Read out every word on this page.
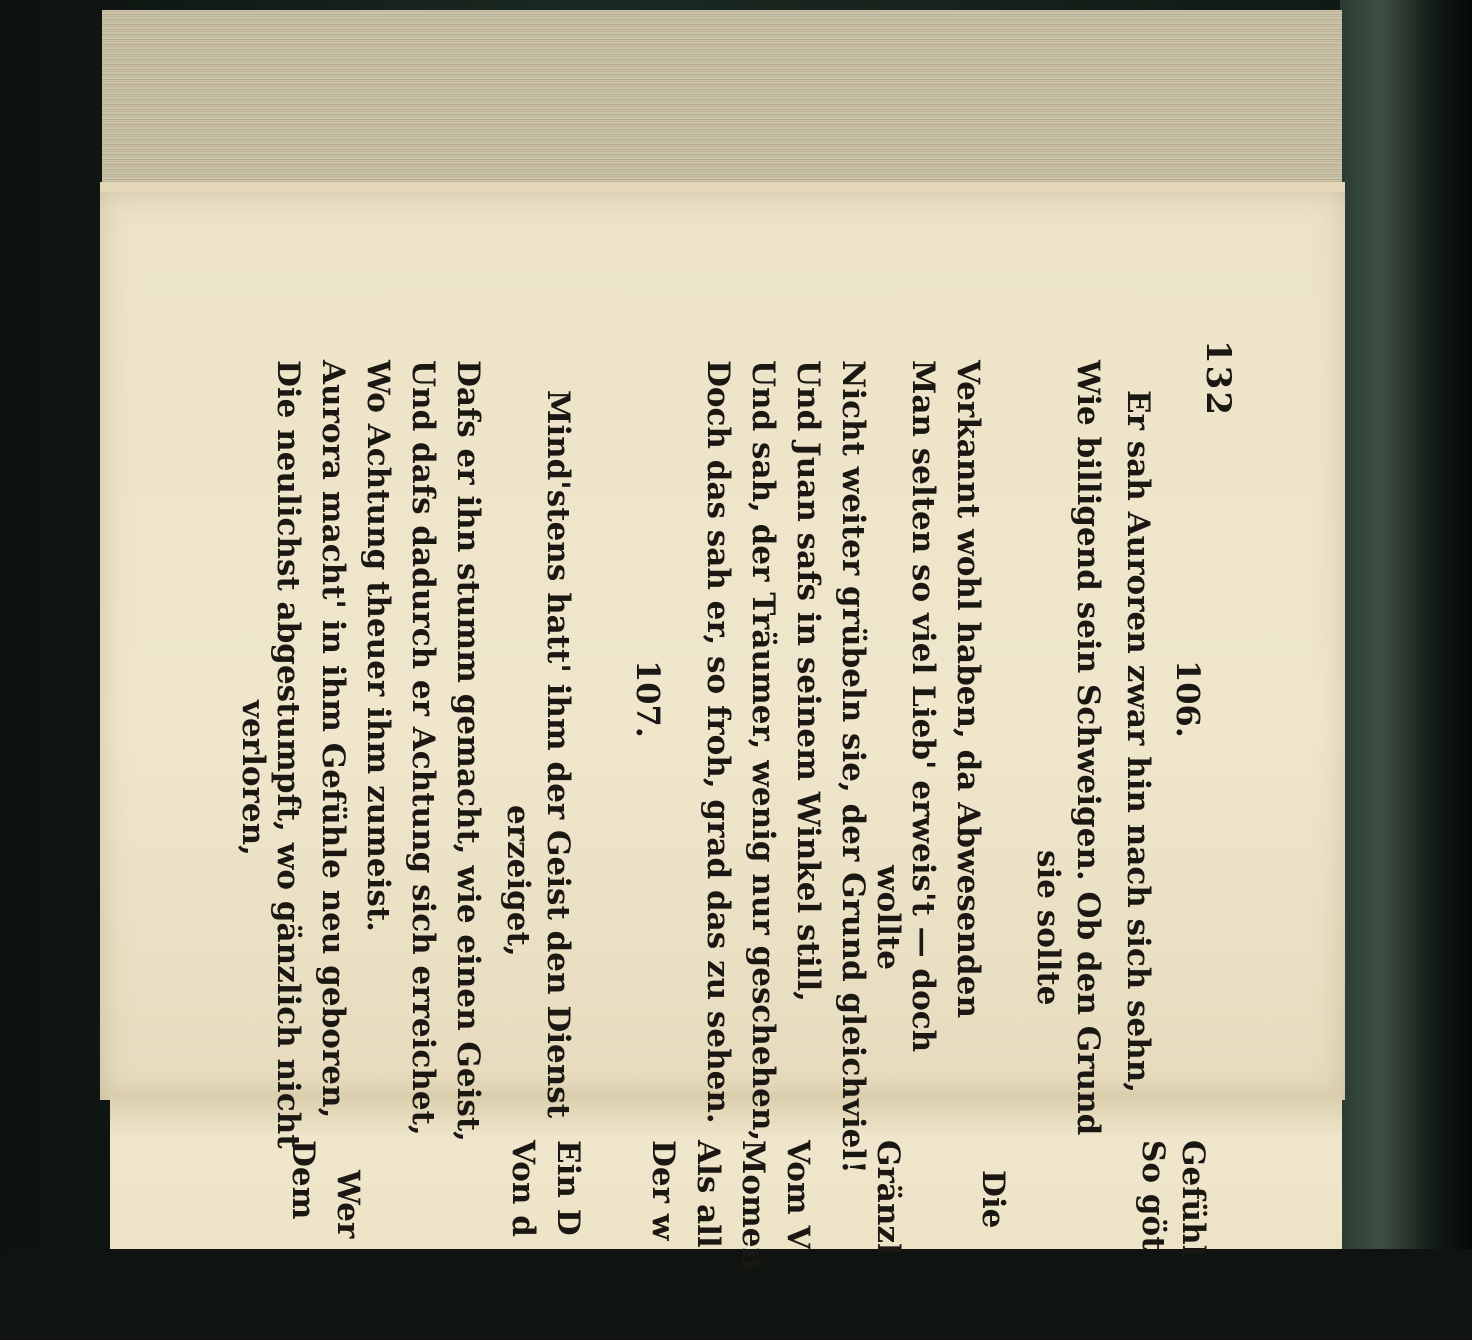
132
106.
Er sah Auroren zwar hin nach sich sehn,
Wie billigend sein Schweigen. Ob den Grund
sie sollte
Verkannt wohl haben, da Abwesenden
Man selten so viel Lieb' erweis't — doch
wollte
Nicht weiter grübeln sie, der Grund gleichviel!
Und Juan safs in seinem Winkel still,
Und sah, der Träumer, wenig nur geschehen,
Doch das sah er, so froh, grad das zu sehen.
107.
Mind'stens hatt' ihm der Geist den Dienst
erzeiget,
Dafs er ihn stumm gemacht, wie einen Geist,
Und dafs dadurch er Achtung sich erreichet,
Wo Achtung theuer ihm zumeist.
Aurora macht' in ihm Gefühle neu geboren,
Die neulichst abgestumpft, wo gänzlich nicht
verloren,
Gefühl
So göt
Die
Gränzl
Vom V
Momen
Als all
Der w
Ein D
Von d
Wer
Dem
